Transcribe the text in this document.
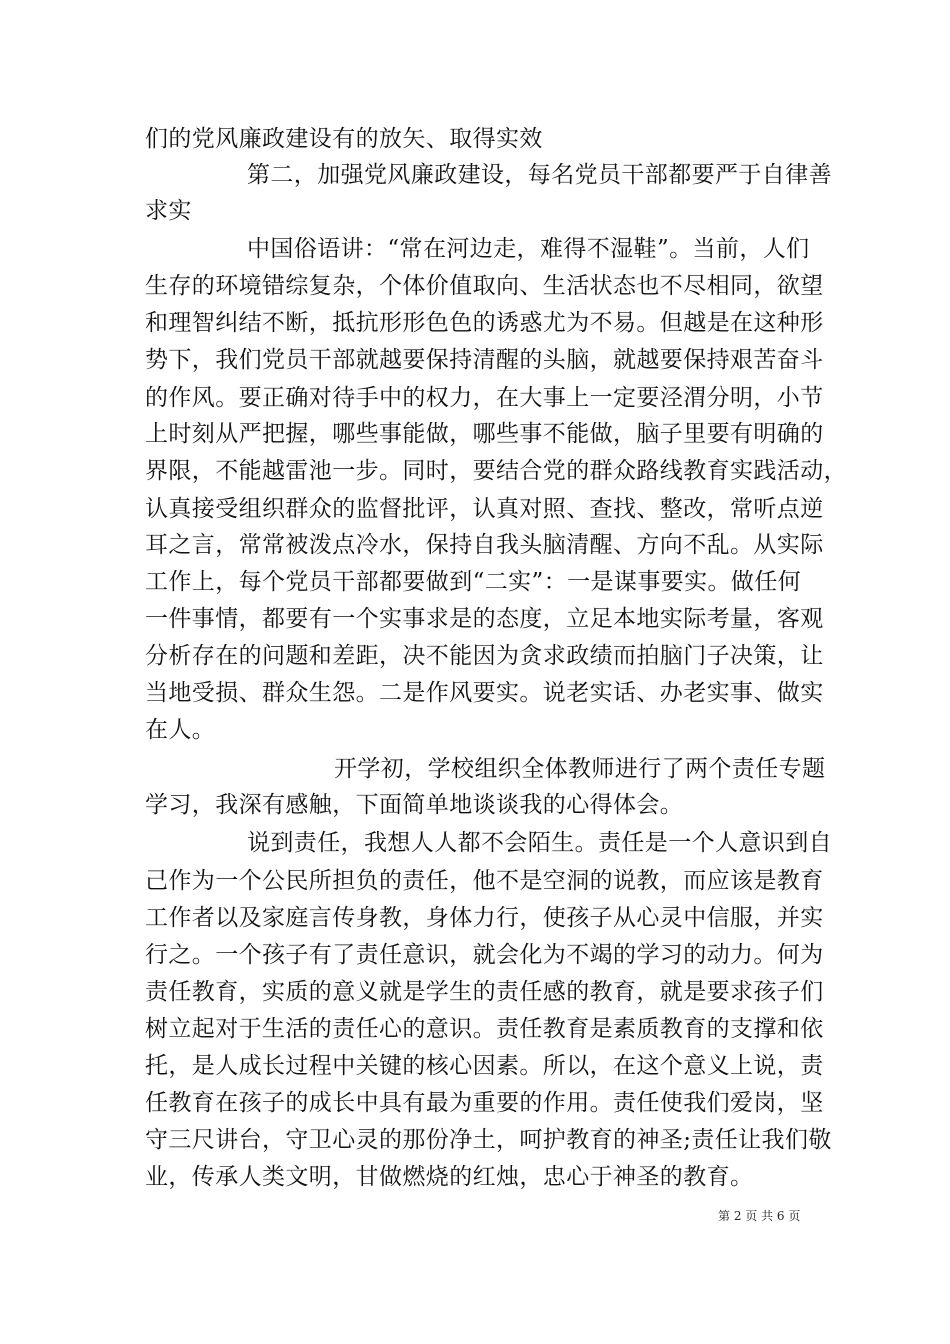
们的党风廉政建设有的放矢、取得实效
第二，加强党风廉政建设，每名党员干部都要严于自律善
求实
中国俗语讲：“常在河边走，难得不湿鞋”。当前，人们
生存的环境错综复杂，个体价值取向、生活状态也不尽相同，欲望
和理智纠结不断，抵抗形形色色的诱惑尤为不易。但越是在这种形
势下，我们党员干部就越要保持清醒的头脑，就越要保持艰苦奋斗
的作风。要正确对待手中的权力，在大事上一定要泾渭分明，小节
上时刻从严把握，哪些事能做，哪些事不能做，脑子里要有明确的
界限，不能越雷池一步。同时，要结合党的群众路线教育实践活动，
认真接受组织群众的监督批评，认真对照、查找、整改，常听点逆
耳之言，常常被泼点冷水，保持自我头脑清醒、方向不乱。从实际
工作上，每个党员干部都要做到“二实”：一是谋事要实。做任何
一件事情，都要有一个实事求是的态度，立足本地实际考量，客观
分析存在的问题和差距，决不能因为贪求政绩而拍脑门子决策，让
当地受损、群众生怨。二是作风要实。说老实话、办老实事、做实
在人。
开学初，学校组织全体教师进行了两个责任专题
学习，我深有感触，下面简单地谈谈我的心得体会。
说到责任，我想人人都不会陌生。责任是一个人意识到自
己作为一个公民所担负的责任，他不是空洞的说教，而应该是教育
工作者以及家庭言传身教，身体力行，使孩子从心灵中信服，并实
行之。一个孩子有了责任意识，就会化为不竭的学习的动力。何为
责任教育，实质的意义就是学生的责任感的教育，就是要求孩子们
树立起对于生活的责任心的意识。责任教育是素质教育的支撑和依
托，是人成长过程中关键的核心因素。所以，在这个意义上说，责
任教育在孩子的成长中具有最为重要的作用。责任使我们爱岗，坚
守三尺讲台，守卫心灵的那份净土，呵护教育的神圣;责任让我们敬
业，传承人类文明，甘做燃烧的红烛，忠心于神圣的教育。
第 2 页 共 6 页
